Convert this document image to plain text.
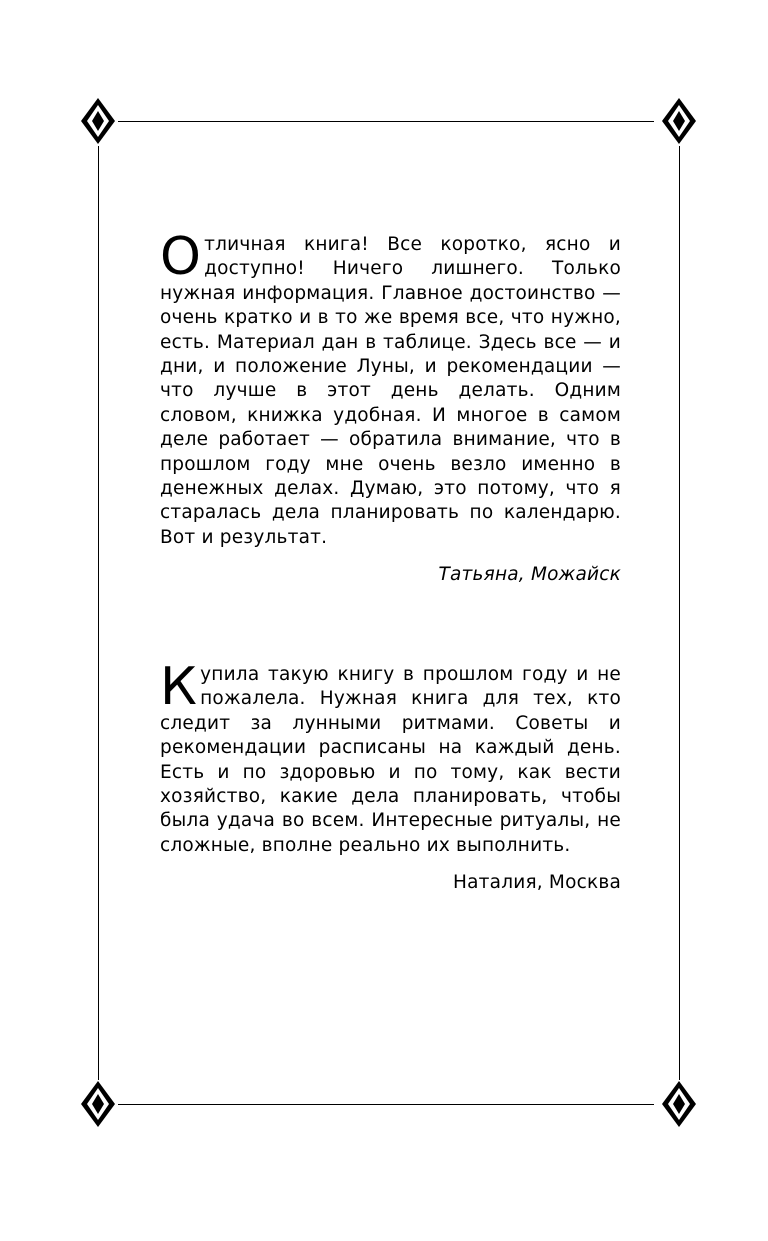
Отличная книга! Все коротко, ясно и доступно! Ничего лишнего. Только нужная информация. Главное достоинство — очень кратко и в то же время все, что нужно, есть. Материал дан в таблице. Здесь все — и дни, и положение Луны, и рекомендации — что лучше в этот день делать. Одним словом, книжка удобная. И многое в самом деле работает — обратила внимание, что в прошлом году мне очень везло именно в денежных делах. Думаю, это потому, что я старалась дела планировать по календарю. Вот и результат.

Татьяна, Можайск

Купила такую книгу в прошлом году и не пожалела. Нужная книга для тех, кто следит за лунными ритмами. Советы и рекомендации расписаны на каждый день. Есть и по здоровью и по тому, как вести хозяйство, какие дела планировать, чтобы была удача во всем. Интересные ритуалы, не сложные, вполне реально их выполнить.

Наталия, Москва
